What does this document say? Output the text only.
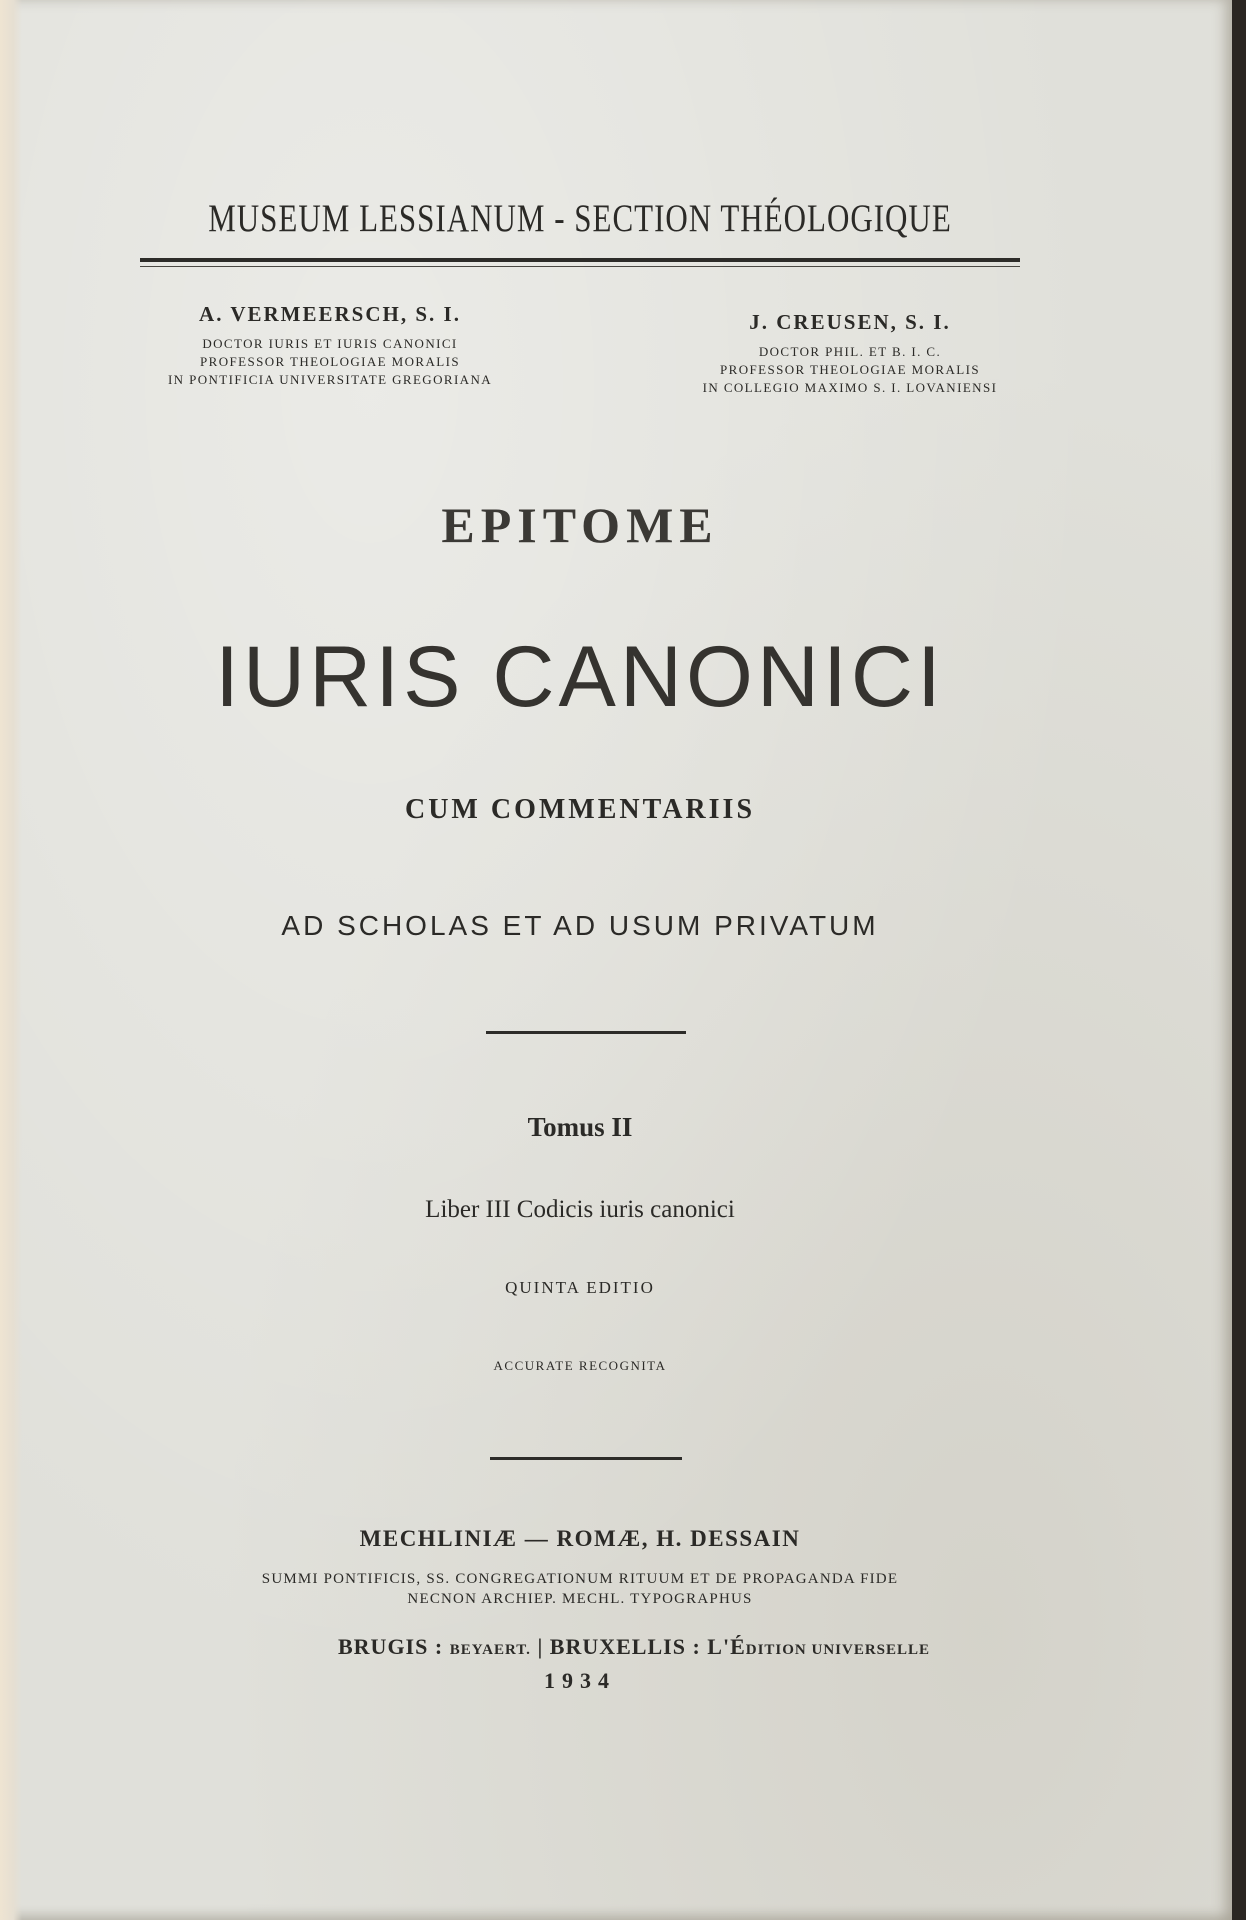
MUSEUM LESSIANUM - SECTION THÉOLOGIQUE
A. VERMEERSCH, S. I.
DOCTOR IURIS ET IURIS CANONICI
PROFESSOR THEOLOGIAE MORALIS
IN PONTIFICIA UNIVERSITATE GREGORIANA
J. CREUSEN, S. I.
DOCTOR PHIL. ET B. I. C.
PROFESSOR THEOLOGIAE MORALIS
IN COLLEGIO MAXIMO S. I. LOVANIENSI
EPITOME
IURIS CANONICI
CUM COMMENTARIIS
AD SCHOLAS ET AD USUM PRIVATUM
Tomus II
Liber III Codicis iuris canonici
QUINTA EDITIO
ACCURATE RECOGNITA
MECHLINIÆ — ROMÆ, H. DESSAIN
SUMMI PONTIFICIS, SS. CONGREGATIONUM RITUUM ET DE PROPAGANDA FIDE
NECNON ARCHIEP. MECHL. TYPOGRAPHUS
BRUGIS : BEYAERT. | BRUXELLIS : L'ÉDITION UNIVERSELLE
1934
